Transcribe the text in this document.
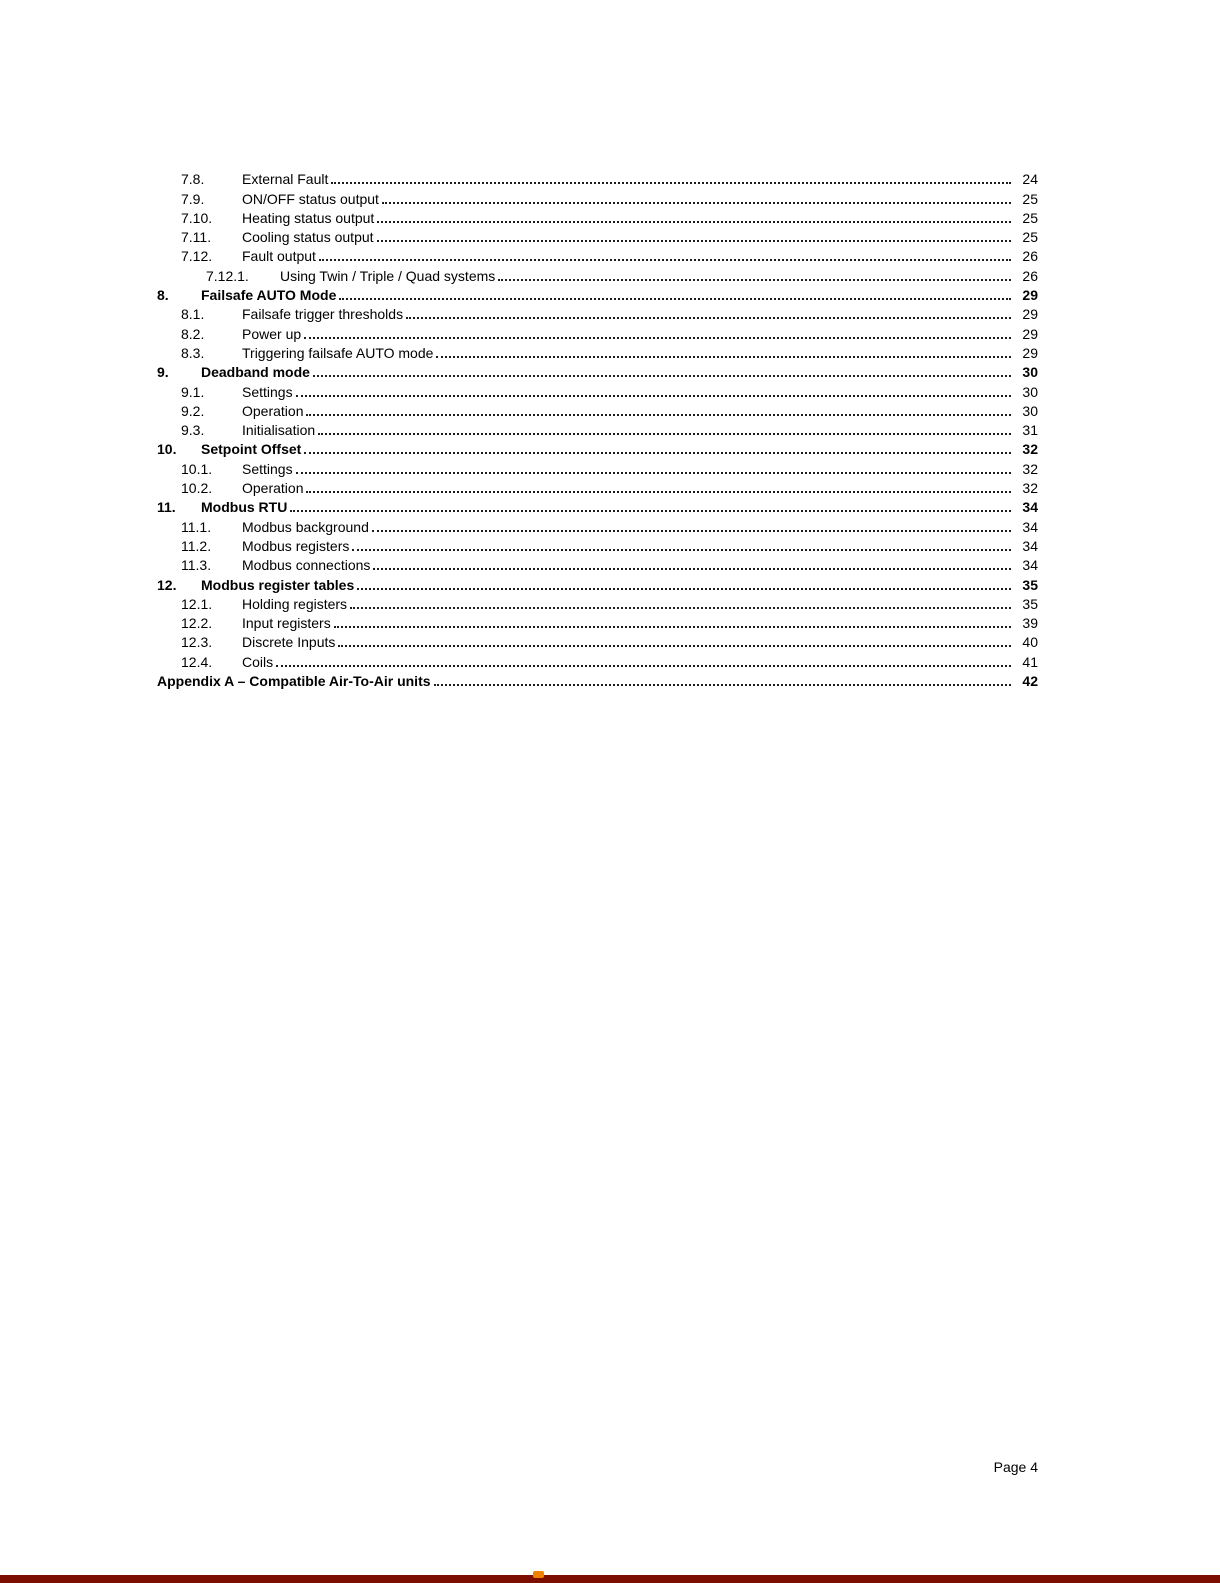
7.8.	External Fault	24
7.9.	ON/OFF status output	25
7.10.	Heating status output	25
7.11.	Cooling status output	25
7.12.	Fault output	26
7.12.1.	Using Twin / Triple / Quad systems	26
8.	Failsafe AUTO Mode	29
8.1.	Failsafe trigger thresholds	29
8.2.	Power up	29
8.3.	Triggering failsafe AUTO mode	29
9.	Deadband mode	30
9.1.	Settings	30
9.2.	Operation	30
9.3.	Initialisation	31
10.	Setpoint Offset	32
10.1.	Settings	32
10.2.	Operation	32
11.	Modbus RTU	34
11.1.	Modbus background	34
11.2.	Modbus registers	34
11.3.	Modbus connections	34
12.	Modbus register tables	35
12.1.	Holding registers	35
12.2.	Input registers	39
12.3.	Discrete Inputs	40
12.4.	Coils	41
Appendix A – Compatible Air-To-Air units	42
Page 4
